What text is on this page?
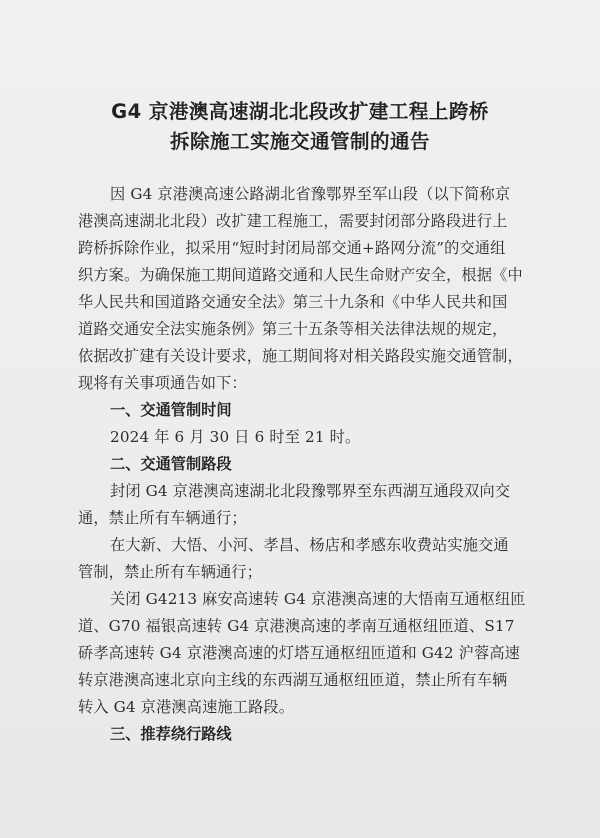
G4 京港澳高速湖北北段改扩建工程上跨桥
拆除施工实施交通管制的通告
因 G4 京港澳高速公路湖北省豫鄂界至军山段（以下简称京
港澳高速湖北北段）改扩建工程施工，需要封闭部分路段进行上
跨桥拆除作业，拟采用“短时封闭局部交通+路网分流”的交通组
织方案。为确保施工期间道路交通和人民生命财产安全，根据《中
华人民共和国道路交通安全法》第三十九条和《中华人民共和国
道路交通安全法实施条例》第三十五条等相关法律法规的规定，
依据改扩建有关设计要求，施工期间将对相关路段实施交通管制，
现将有关事项通告如下：
一、交通管制时间
2024 年 6 月 30 日 6 时至 21 时。
二、交通管制路段
封闭 G4 京港澳高速湖北北段豫鄂界至东西湖互通段双向交
通，禁止所有车辆通行；
在大新、大悟、小河、孝昌、杨店和孝感东收费站实施交通
管制，禁止所有车辆通行；
关闭 G4213 麻安高速转 G4 京港澳高速的大悟南互通枢纽匝
道、G70 福银高速转 G4 京港澳高速的孝南互通枢纽匝道、S17
硚孝高速转 G4 京港澳高速的灯塔互通枢纽匝道和 G42 沪蓉高速
转京港澳高速北京向主线的东西湖互通枢纽匝道，禁止所有车辆
转入 G4 京港澳高速施工路段。
三、推荐绕行路线
